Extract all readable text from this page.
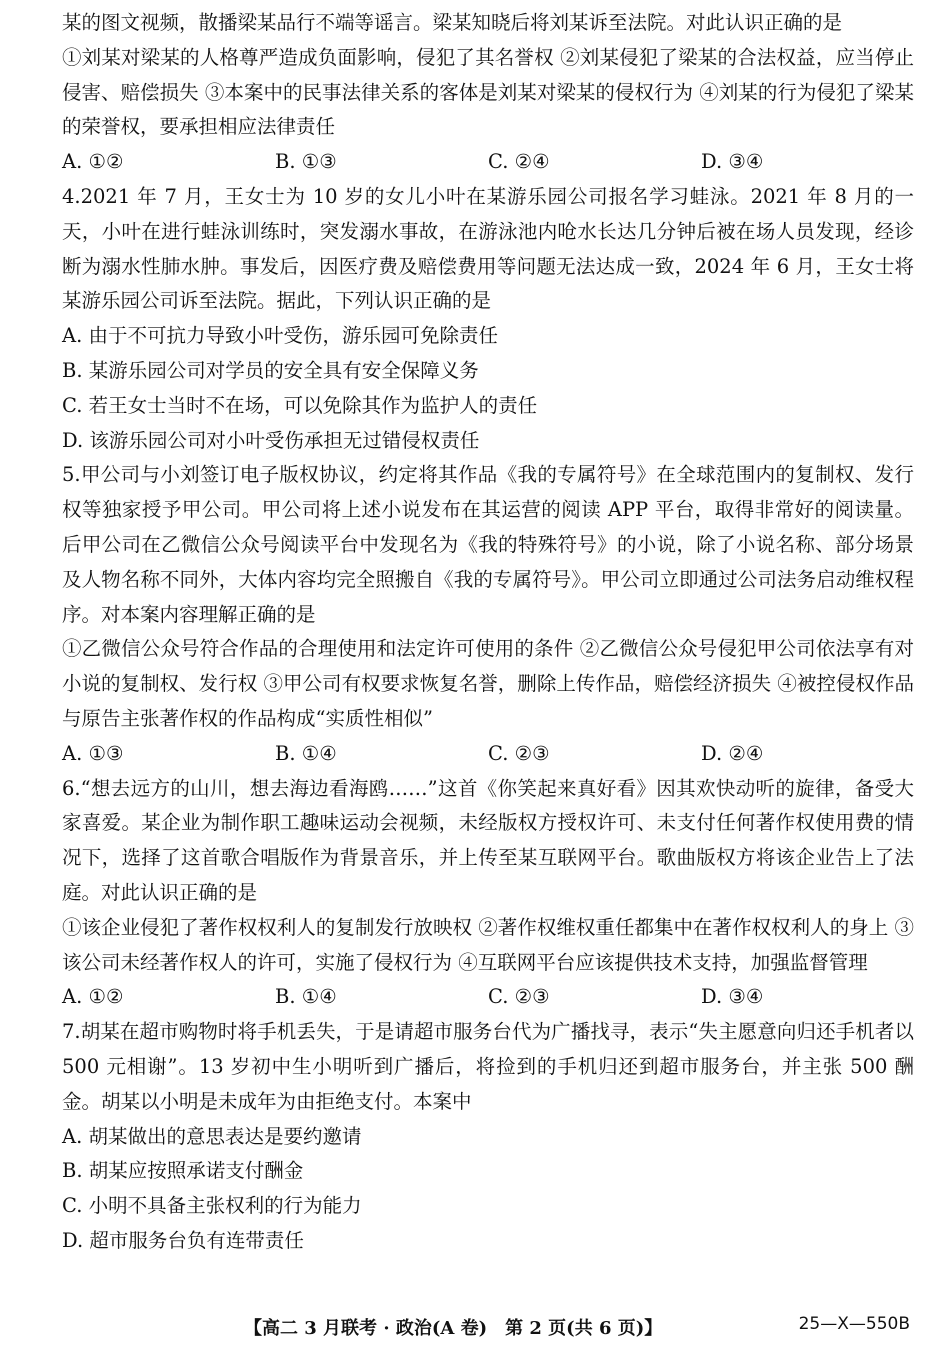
某的图文视频，散播梁某品行不端等谣言。梁某知晓后将刘某诉至法院。对此认识正确的是

①刘某对梁某的人格尊严造成负面影响，侵犯了其名誉权 ②刘某侵犯了梁某的合法权益，应当停止侵害、赔偿损失 ③本案中的民事法律关系的客体是刘某对梁某的侵权行为 ④刘某的行为侵犯了梁某的荣誉权，要承担相应法律责任

A. ①②	B. ①③	C. ②④	D. ③④

4.2021 年 7 月，王女士为 10 岁的女儿小叶在某游乐园公司报名学习蛙泳。2021 年 8 月的一天，小叶在进行蛙泳训练时，突发溺水事故，在游泳池内呛水长达几分钟后被在场人员发现，经诊断为溺水性肺水肿。事发后，因医疗费及赔偿费用等问题无法达成一致，2024 年 6 月，王女士将某游乐园公司诉至法院。据此，下列认识正确的是

A. 由于不可抗力导致小叶受伤，游乐园可免除责任

B. 某游乐园公司对学员的安全具有安全保障义务

C. 若王女士当时不在场，可以免除其作为监护人的责任

D. 该游乐园公司对小叶受伤承担无过错侵权责任

5.甲公司与小刘签订电子版权协议，约定将其作品《我的专属符号》在全球范围内的复制权、发行权等独家授予甲公司。甲公司将上述小说发布在其运营的阅读 APP 平台，取得非常好的阅读量。后甲公司在乙微信公众号阅读平台中发现名为《我的特殊符号》的小说，除了小说名称、部分场景及人物名称不同外，大体内容均完全照搬自《我的专属符号》。甲公司立即通过公司法务启动维权程序。对本案内容理解正确的是

①乙微信公众号符合作品的合理使用和法定许可使用的条件 ②乙微信公众号侵犯甲公司依法享有对小说的复制权、发行权 ③甲公司有权要求恢复名誉，删除上传作品，赔偿经济损失 ④被控侵权作品与原告主张著作权的作品构成“实质性相似”

A. ①③	B. ①④	C. ②③	D. ②④

6.“想去远方的山川，想去海边看海鸥……”这首《你笑起来真好看》因其欢快动听的旋律，备受大家喜爱。某企业为制作职工趣味运动会视频，未经版权方授权许可、未支付任何著作权使用费的情况下，选择了这首歌合唱版作为背景音乐，并上传至某互联网平台。歌曲版权方将该企业告上了法庭。对此认识正确的是

①该企业侵犯了著作权权利人的复制发行放映权 ②著作权维权重任都集中在著作权权利人的身上 ③该公司未经著作权人的许可，实施了侵权行为 ④互联网平台应该提供技术支持，加强监督管理

A. ①②	B. ①④	C. ②③	D. ③④

7.胡某在超市购物时将手机丢失，于是请超市服务台代为广播找寻，表示“失主愿意向归还手机者以 500 元相谢”。13 岁初中生小明听到广播后，将捡到的手机归还到超市服务台，并主张 500 酬金。胡某以小明是未成年为由拒绝支付。本案中

A. 胡某做出的意思表达是要约邀请

B. 胡某应按照承诺支付酬金

C. 小明不具备主张权利的行为能力

D. 超市服务台负有连带责任

【高二 3 月联考 · 政治(A 卷)　第 2 页(共 6 页)】	25—X—550B
